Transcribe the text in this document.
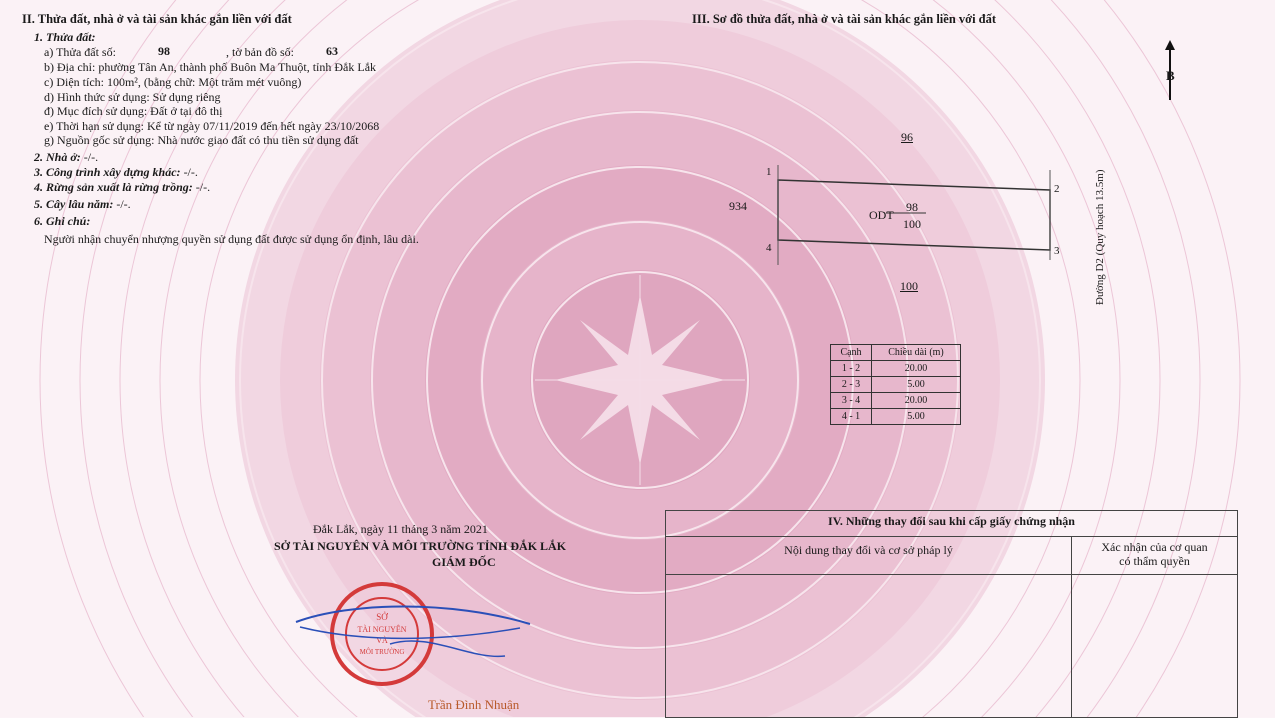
II. Thửa đất, nhà ở và tài sản khác gắn liền với đất
1. Thửa đất:
a) Thửa đất số:	98	, tờ bản đồ số:	63
b) Địa chỉ: phường Tân An, thành phố Buôn Ma Thuột, tỉnh Đắk Lắk
c) Diện tích: 100m², (bằng chữ: Một trăm mét vuông)
d) Hình thức sử dụng: Sử dụng riêng
đ) Mục đích sử dụng: Đất ở tại đô thị
e) Thời hạn sử dụng: Kể từ ngày 07/11/2019 đến hết ngày 23/10/2068
g) Nguồn gốc sử dụng: Nhà nước giao đất có thu tiền sử dụng đất
2. Nhà ở: -/-.
3. Công trình xây dựng khác: -/-.
4. Rừng sản xuất là rừng trồng: -/-.
5. Cây lâu năm: -/-.
6. Ghi chú:
Người nhận chuyển nhượng quyền sử dụng đất được sử dụng ổn định, lâu dài.
Đắk Lắk, ngày 11 tháng 3 năm 2021
SỞ TÀI NGUYÊN VÀ MÔI TRƯỜNG TỈNH ĐẮK LẮK
GIÁM ĐỐC
SỞ
TÀI NGUYÊN
VÀ
MÔI TRƯỜNG
Trần Đình Nhuận
III. Sơ đồ thửa đất, nhà ở và tài sản khác gắn liền với đất
B
1
2
3
4
96
934
100
ODT
98
100	Đường D2 (Quy hoạch 13.5m)
Cạnh	Chiều dài (m)
1 - 2	20.00
2 - 3	5.00
3 - 4	20.00
4 - 1	5.00
IV. Những thay đổi sau khi cấp giấy chứng nhận	
Nội dung thay đổi và cơ sở pháp lý	Xác nhận của cơ quan
có thẩm quyền
